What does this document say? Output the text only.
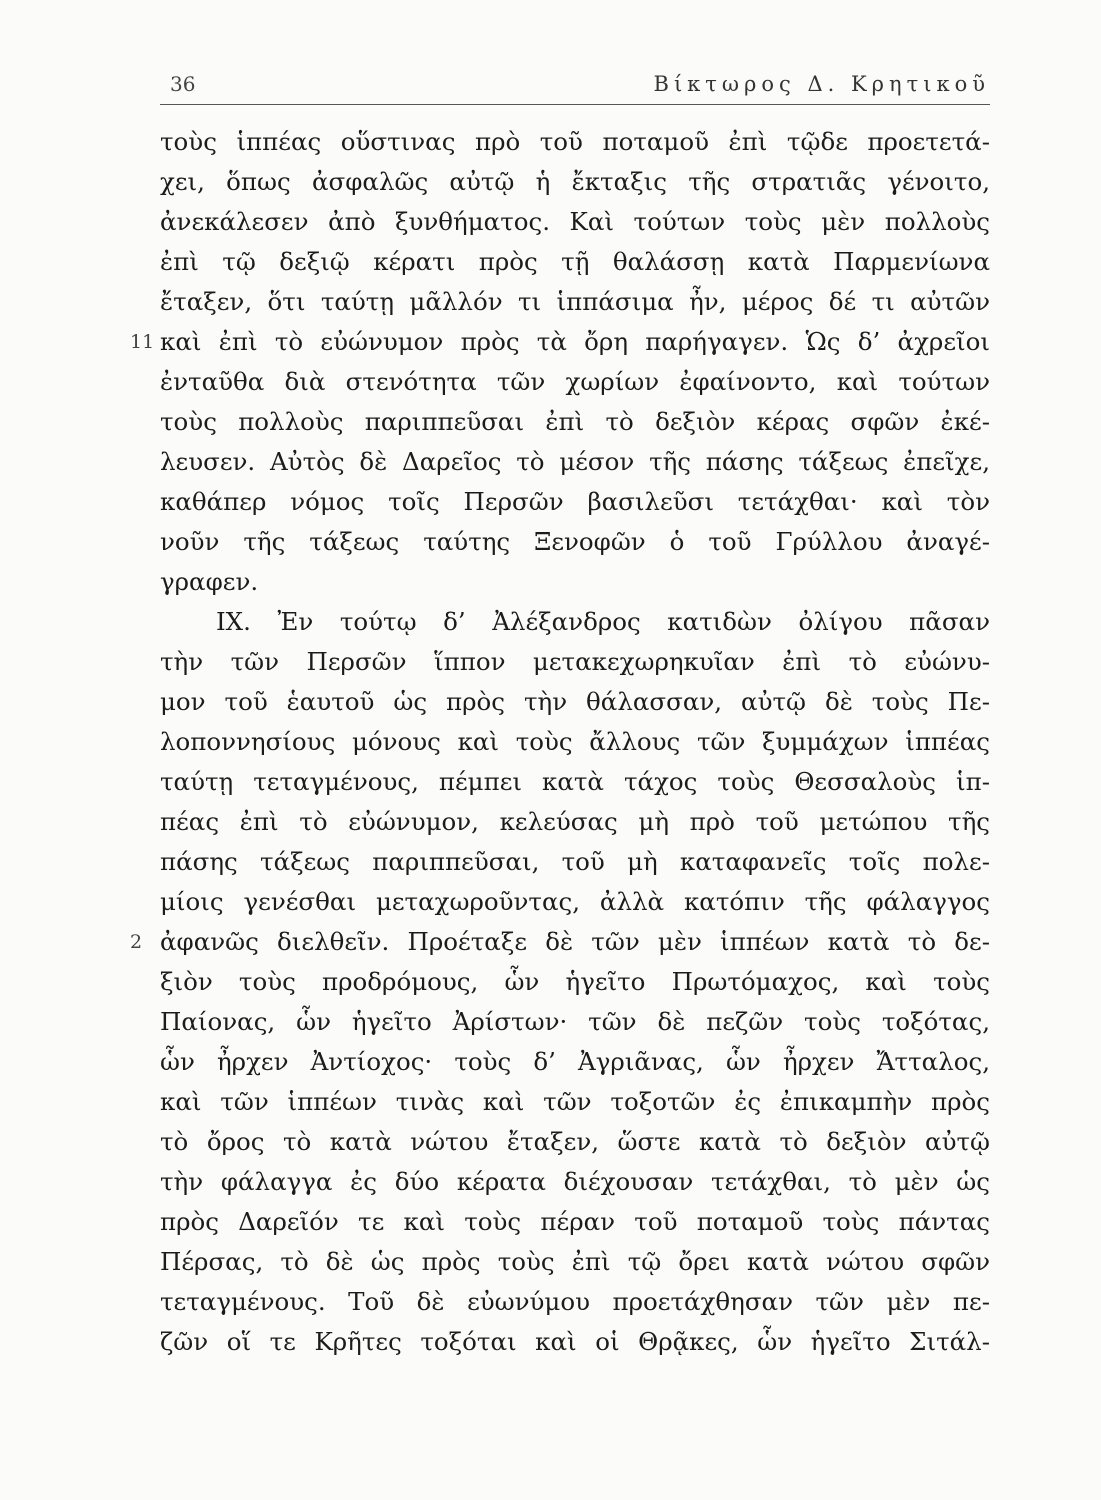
36	Βίκτωρος Δ. Κρητικοῦ
τοὺς ἱππέας οὕστινας πρὸ τοῦ ποταμοῦ ἐπὶ τῷδε προετετά-
χει, ὅπως ἀσφαλῶς αὐτῷ ἡ ἔκταξις τῆς στρατιᾶς γένοιτο,
ἀνεκάλεσεν ἀπὸ ξυνθήματος. Καὶ τούτων τοὺς μὲν πολλοὺς
ἐπὶ τῷ δεξιῷ κέρατι πρὸς τῇ θαλάσσῃ κατὰ Παρμενίωνα
ἔταξεν, ὅτι ταύτῃ μᾶλλόν τι ἱππάσιμα ἦν, μέρος δέ τι αὐτῶν
11 καὶ ἐπὶ τὸ εὐώνυμον πρὸς τὰ ὄρη παρήγαγεν. Ὡς δ’ ἀχρεῖοι
ἐνταῦθα διὰ στενότητα τῶν χωρίων ἐφαίνοντο, καὶ τούτων
τοὺς πολλοὺς παριππεῦσαι ἐπὶ τὸ δεξιὸν κέρας σφῶν ἐκέ-
λευσεν. Αὐτὸς δὲ Δαρεῖος τὸ μέσον τῆς πάσης τάξεως ἐπεῖχε,
καθάπερ νόμος τοῖς Περσῶν βασιλεῦσι τετάχθαι· καὶ τὸν
νοῦν τῆς τάξεως ταύτης Ξενοφῶν ὁ τοῦ Γρύλλου ἀναγέ-
γραφεν.
IX. Ἐν τούτῳ δ’ Ἀλέξανδρος κατιδὼν ὀλίγου πᾶσαν
τὴν τῶν Περσῶν ἵππον μετακεχωρηκυῖαν ἐπὶ τὸ εὐώνυ-
μον τοῦ ἑαυτοῦ ὡς πρὸς τὴν θάλασσαν, αὐτῷ δὲ τοὺς Πε-
λοποννησίους μόνους καὶ τοὺς ἄλλους τῶν ξυμμάχων ἱππέας
ταύτῃ τεταγμένους, πέμπει κατὰ τάχος τοὺς Θεσσαλοὺς ἱπ-
πέας ἐπὶ τὸ εὐώνυμον, κελεύσας μὴ πρὸ τοῦ μετώπου τῆς
πάσης τάξεως παριππεῦσαι, τοῦ μὴ καταφανεῖς τοῖς πολε-
μίοις γενέσθαι μεταχωροῦντας, ἀλλὰ κατόπιν τῆς φάλαγγος
2 ἀφανῶς διελθεῖν. Προέταξε δὲ τῶν μὲν ἱππέων κατὰ τὸ δε-
ξιὸν τοὺς προδρόμους, ὧν ἡγεῖτο Πρωτόμαχος, καὶ τοὺς
Παίονας, ὧν ἡγεῖτο Ἀρίστων· τῶν δὲ πεζῶν τοὺς τοξότας,
ὧν ἦρχεν Ἀντίοχος· τοὺς δ’ Ἀγριᾶνας, ὧν ἦρχεν Ἄτταλος,
καὶ τῶν ἱππέων τινὰς καὶ τῶν τοξοτῶν ἐς ἐπικαμπὴν πρὸς
τὸ ὄρος τὸ κατὰ νώτου ἔταξεν, ὥστε κατὰ τὸ δεξιὸν αὐτῷ
τὴν φάλαγγα ἐς δύο κέρατα διέχουσαν τετάχθαι, τὸ μὲν ὡς
πρὸς Δαρεῖόν τε καὶ τοὺς πέραν τοῦ ποταμοῦ τοὺς πάντας
Πέρσας, τὸ δὲ ὡς πρὸς τοὺς ἐπὶ τῷ ὄρει κατὰ νώτου σφῶν
τεταγμένους. Τοῦ δὲ εὐωνύμου προετάχθησαν τῶν μὲν πε-
ζῶν οἵ τε Κρῆτες τοξόται καὶ οἱ Θρᾷκες, ὧν ἡγεῖτο Σιτάλ-
